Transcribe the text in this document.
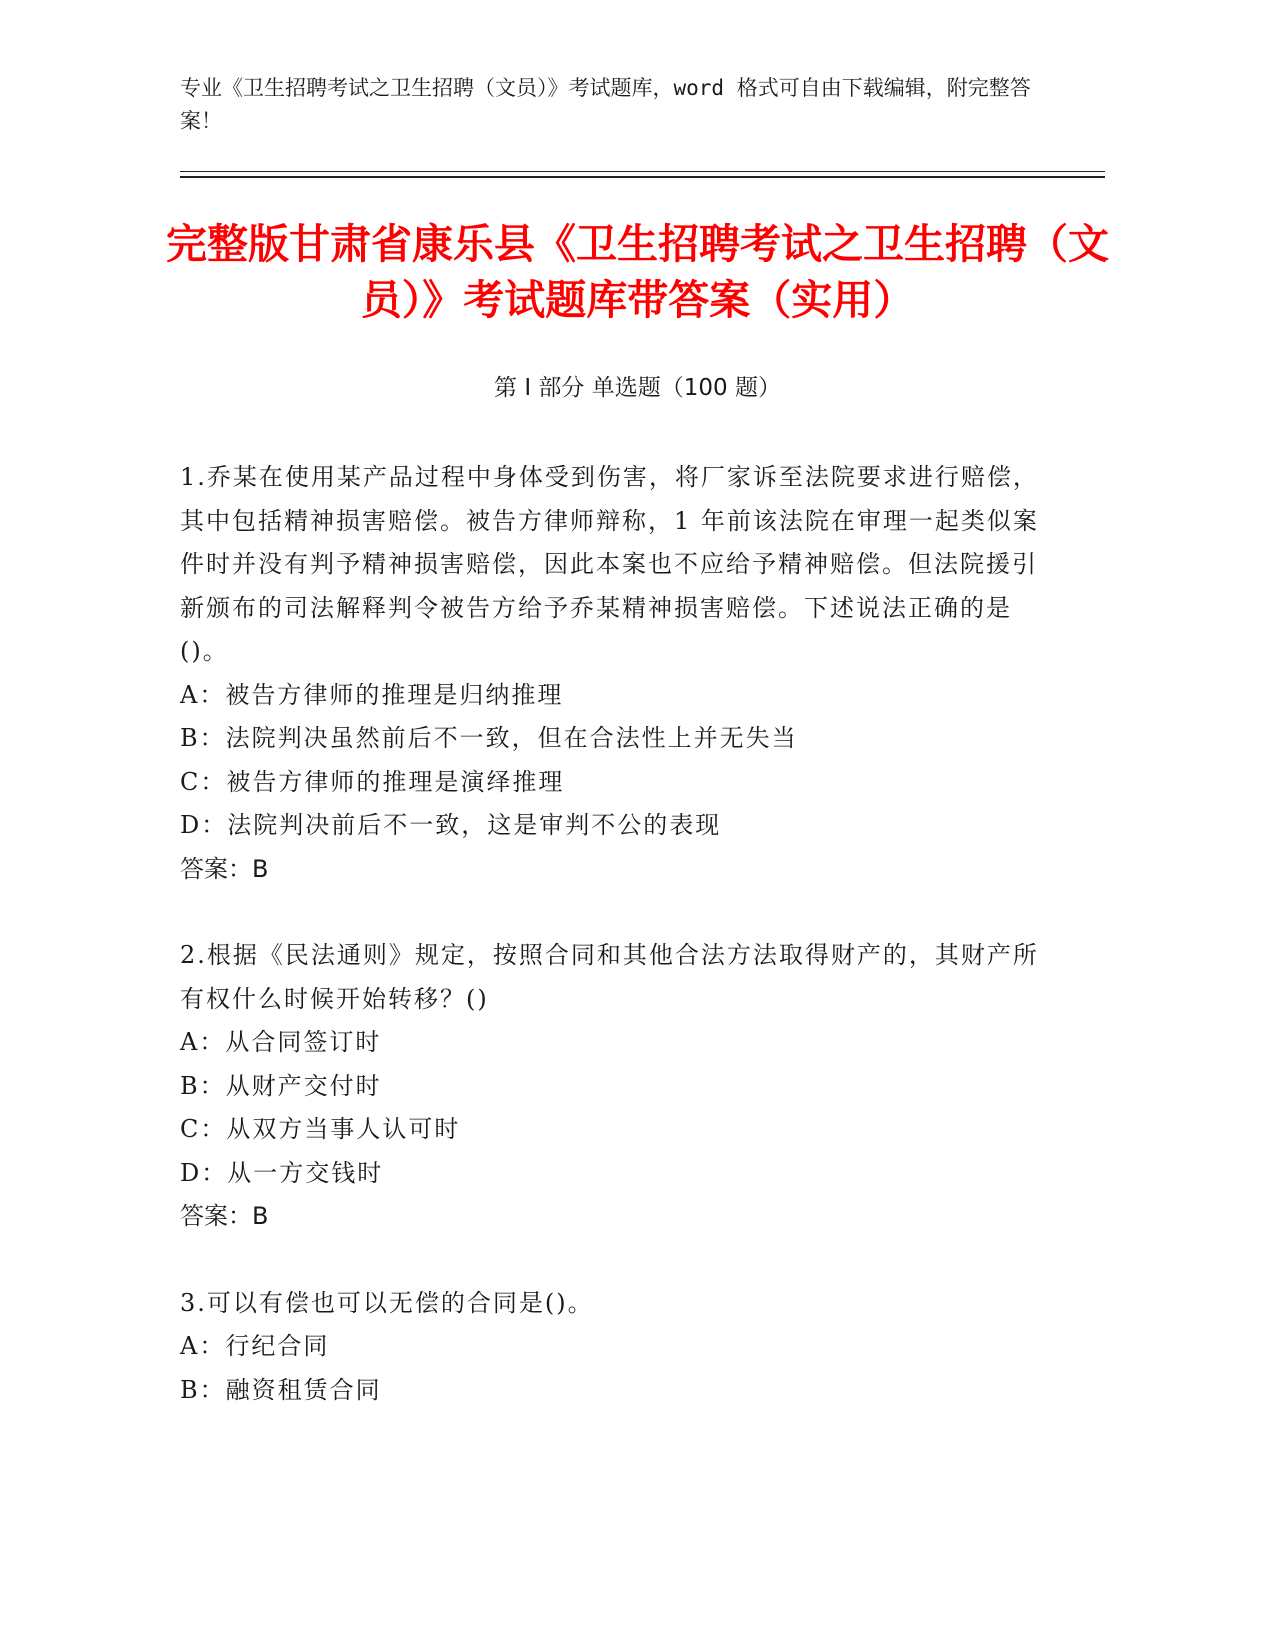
专业《卫生招聘考试之卫生招聘（文员）》考试题库，word 格式可自由下载编辑，附完整答案！
完整版甘肃省康乐县《卫生招聘考试之卫生招聘（文员）》考试题库带答案（实用）
第 I 部分 单选题（100 题）
1.乔某在使用某产品过程中身体受到伤害，将厂家诉至法院要求进行赔偿，其中包括精神损害赔偿。被告方律师辩称，1 年前该法院在审理一起类似案件时并没有判予精神损害赔偿，因此本案也不应给予精神赔偿。但法院援引新颁布的司法解释判令被告方给予乔某精神损害赔偿。下述说法正确的是()。
A：被告方律师的推理是归纳推理
B：法院判决虽然前后不一致，但在合法性上并无失当
C：被告方律师的推理是演绎推理
D：法院判决前后不一致，这是审判不公的表现
答案：B
2.根据《民法通则》规定，按照合同和其他合法方法取得财产的，其财产所有权什么时候开始转移？()
A：从合同签订时
B：从财产交付时
C：从双方当事人认可时
D：从一方交钱时
答案：B
3.可以有偿也可以无偿的合同是()。
A：行纪合同
B：融资租赁合同
